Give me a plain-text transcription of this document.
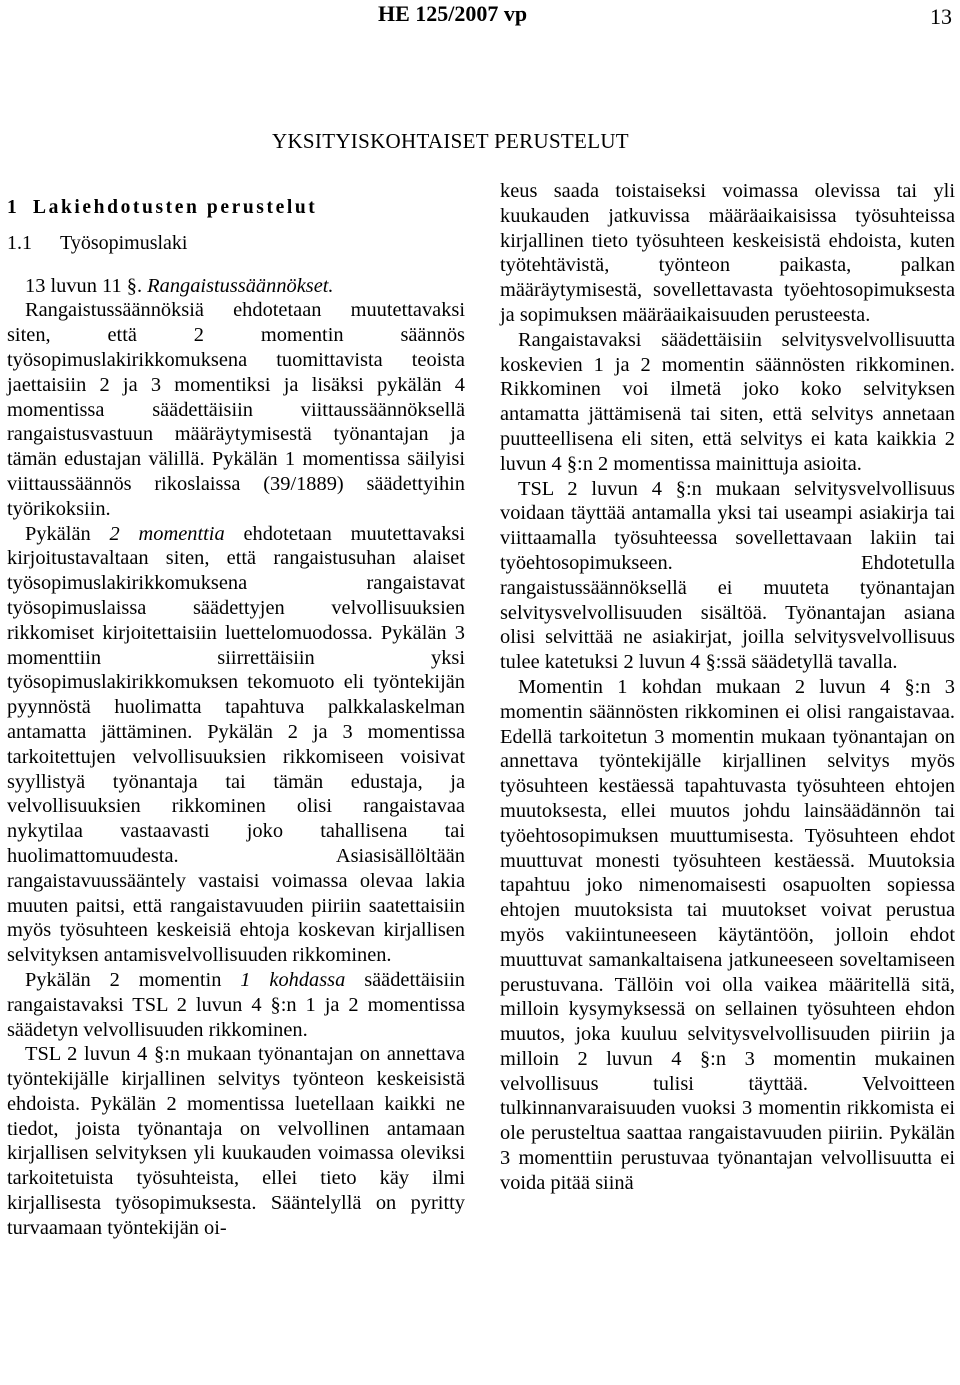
HE 125/2007 vp	13
YKSITYISKOHTAISET PERUSTELUT
1 Lakiehdotusten perustelut
1.1 Työsopimuslaki

13 luvun 11 §. Rangaistussäännökset.

Rangaistussäännöksiä ehdotetaan muutettavaksi siten, että 2 momentin säännös työsopimuslakirikkomuksena tuomittavista teoista jaettaisiin 2 ja 3 momentiksi ja lisäksi pykälän 4 momentissa säädettäisiin viittaussäännöksellä rangaistusvastuun määräytymisestä työnantajan ja tämän edustajan välillä. Pykälän 1 momentissa säilyisi viittaussäännös rikoslaissa (39/1889) säädettyihin työrikoksiin.

Pykälän 2 momenttia ehdotetaan muutettavaksi kirjoitustavaltaan siten, että rangaistusuhan alaiset työsopimuslakirikkomuksena rangaistavat työsopimuslaissa säädettyjen velvollisuuksien rikkomiset kirjoitettaisiin luettelomuodossa. Pykälän 3 momenttiin siirrettäisiin yksi työsopimuslakirikkomuksen tekomuoto eli työntekijän pyynnöstä huolimatta tapahtuva palkkalaskelman antamatta jättäminen. Pykälän 2 ja 3 momentissa tarkoitettujen velvollisuuksien rikkomiseen voisivat syyllistyä työnantaja tai tämän edustaja, ja velvollisuuksien rikkominen olisi rangaistavaa nykytilaa vastaavasti joko tahallisena tai huolimattomuudesta. Asiasisällöltään rangaistavuussääntely vastaisi voimassa olevaa lakia muuten paitsi, että rangaistavuuden piiriin saatettaisiin myös työsuhteen keskeisiä ehtoja koskevan kirjallisen selvityksen antamisvelvollisuuden rikkominen.

Pykälän 2 momentin 1 kohdassa säädettäisiin rangaistavaksi TSL 2 luvun 4 §:n 1 ja 2 momentissa säädetyn velvollisuuden rikkominen.

TSL 2 luvun 4 §:n mukaan työnantajan on annettava työntekijälle kirjallinen selvitys työnteon keskeisistä ehdoista. Pykälän 2 momentissa luetellaan kaikki ne tiedot, joista työnantaja on velvollinen antamaan kirjallisen selvityksen yli kuukauden voimassa oleviksi tarkoitetuista työsuhteista, ellei tieto käy ilmi kirjallisesta työsopimuksesta. Sääntelyllä on pyritty turvaamaan työntekijän oi-

keus saada toistaiseksi voimassa olevissa tai yli kuukauden jatkuvissa määräaikaisissa työsuhteissa kirjallinen tieto työsuhteen keskeisistä ehdoista, kuten työtehtävistä, työnteon paikasta, palkan määräytymisestä, sovellettavasta työehtosopimuksesta ja sopimuksen määräaikaisuuden perusteesta.

Rangaistavaksi säädettäisiin selvitysvelvollisuutta koskevien 1 ja 2 momentin säännösten rikkominen. Rikkominen voi ilmetä joko koko selvityksen antamatta jättämisenä tai siten, että selvitys annetaan puutteellisena eli siten, että selvitys ei kata kaikkia 2 luvun 4 §:n 2 momentissa mainittuja asioita.

TSL 2 luvun 4 §:n mukaan selvitysvelvollisuus voidaan täyttää antamalla yksi tai useampi asiakirja tai viittaamalla työsuhteessa sovellettavaan lakiin tai työehtosopimukseen. Ehdotetulla rangaistussäännöksellä ei muuteta työnantajan selvitysvelvollisuuden sisältöä. Työnantajan asiana olisi selvittää ne asiakirjat, joilla selvitysvelvollisuus tulee katetuksi 2 luvun 4 §:ssä säädetyllä tavalla.

Momentin 1 kohdan mukaan 2 luvun 4 §:n 3 momentin säännösten rikkominen ei olisi rangaistavaa. Edellä tarkoitetun 3 momentin mukaan työnantajan on annettava työntekijälle kirjallinen selvitys myös työsuhteen kestäessä tapahtuvasta työsuhteen ehtojen muutoksesta, ellei muutos johdu lainsäädännön tai työehtosopimuksen muuttumisesta. Työsuhteen ehdot muuttuvat monesti työsuhteen kestäessä. Muutoksia tapahtuu joko nimenomaisesti osapuolten sopiessa ehtojen muutoksista tai muutokset voivat perustua myös vakiintuneeseen käytäntöön, jolloin ehdot muuttuvat samankaltaisena jatkuneeseen soveltamiseen perustuvana. Tällöin voi olla vaikea määritellä sitä, milloin kysymyksessä on sellainen työsuhteen ehdon muutos, joka kuuluu selvitysvelvollisuuden piiriin ja milloin 2 luvun 4 §:n 3 momentin mukainen velvollisuus tulisi täyttää. Velvoitteen tulkinnanvaraisuuden vuoksi 3 momentin rikkomista ei ole perusteltua saattaa rangaistavuuden piiriin. Pykälän 3 momenttiin perustuvaa työnantajan velvollisuutta ei voida pitää siinä
